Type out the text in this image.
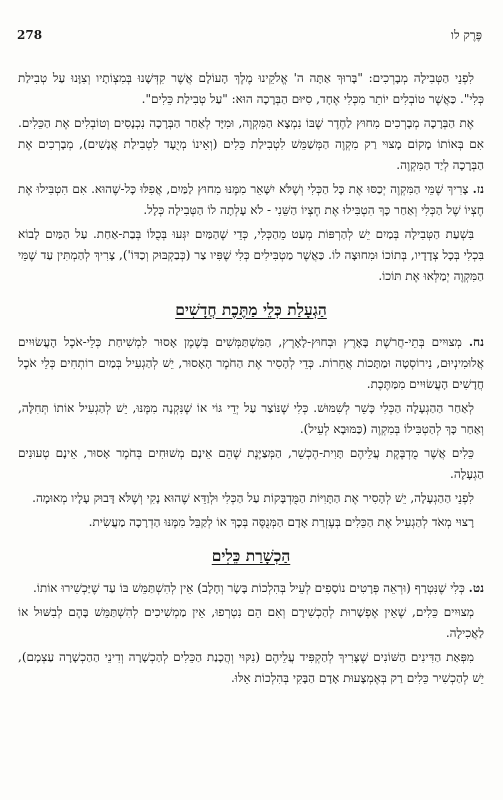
278	פֶּרֶק לו

לִפְנֵי הַטְּבִילָה מְבָרְכִים: "בָּרוּךְ אַתָּה ה' אֱלֹקֵינוּ מֶלֶךְ הָעוֹלָם אֲשֶׁר קִדְּשָׁנוּ בְּמִצְוֹתָיו וְצִוָּנוּ עַל טְבִילַת כְּלִי". כַּאֲשֶׁר טוֹבְלִים יוֹתֵר מִכְּלִי אֶחָד, סִיּוּם הַבְּרָכָה הוּא: "עַל טְבִילַת כֵּלִים".

אֶת הַבְּרָכָה מְבָרְכִים מִחוּץ לַחֶדֶר שֶׁבּוֹ נִמְצָא הַמִּקְוֶה, וּמִיָּד לְאַחַר הַבְּרָכָה נִכְנָסִים וְטוֹבְלִים אֶת הַכֵּלִים. אִם בְּאוֹתוֹ מָקוֹם מָצוּי רַק מִקְוֶה הַמְּשַׁמֵּשׁ לִטְבִילַת כֵּלִים (וְאֵינוֹ מְיֻעָד לִטְבִילַת אֲנָשִׁים), מְבָרְכִים אֶת הַבְּרָכָה לְיַד הַמִּקְוֶה.

נז. צָרִיךְ שֶׁמֵּי הַמִּקְוֶה יְכַסּוּ אֶת כָּל הַכְּלִי וְשֶׁלֹּא יִשָּׁאֵר מִמֶּנּוּ מִחוּץ לַמַּיִם, אֲפִלּוּ כָּל-שֶׁהוּא. אִם הִטְבִּילוּ אֶת חֶצְיוֹ שֶׁל הַכְּלִי וְאַחַר כָּךְ הִטְבִּילוּ אֶת חֶצְיוֹ הַשֵּׁנִי - לֹא עָלְתָה לוֹ הַטְּבִילָה כְּלָל.

בִּשְׁעַת הַטְּבִילָה בְּמַיִם יֵשׁ לְהַרְפּוֹת מְעַט מֵהַכְּלִי, כְּדֵי שֶׁהַמַּיִם יִגְּעוּ בְּכֻלּוֹ בְּבַת-אַחַת. עַל הַמַּיִם לָבוֹא בִּכְלִי בְּכָל צְדָדָיו, בְּתוֹכוֹ וּמִחוּצָה לוֹ. כַּאֲשֶׁר מַטְבִּילִים כְּלִי שֶׁפִּיו צַר (כְּבַקְבּוּק וְכַדּוֹ'), צָרִיךְ לְהַמְתִּין עַד שֶׁמֵּי הַמִּקְוֶה יְמַלְּאוּ אֶת תּוֹכוֹ.

הַגְעָלַת כְּלֵי מַתֶּכֶת חֲדָשִׁים

נח. מְצוּיִים בְּתֵי-חֲרֹשֶׁת בָּאָרֶץ וּבְחוּץ-לָאָרֶץ, הַמִּשְׁתַּמְּשִׁים בְּשֶׁמֶן אָסוּר לִמְשִׁיחַת כְּלֵי-אֹכֶל הָעֲשׂוּיִים אֲלוּמִינְיוּם, נִירוֹסְטָה וּמַתָּכוֹת אֲחֵרוֹת. כְּדֵי לְהָסִיר אֶת הַחֹמֶר הָאָסוּר, יֵשׁ לְהַגְעִיל בְּמַיִם רוֹתְחִים כְּלֵי אֹכֶל חֲדָשִׁים הָעֲשׂוּיִים מִמַּתֶּכֶת.

לְאַחַר הַהַגְעָלָה הַכְּלִי כָּשֵׁר לְשִׁמּוּשׁ. כְּלִי שֶׁנּוֹצַר עַל יְדֵי גּוֹי אוֹ שֶׁנִּקְנָה מִמֶּנּוּ, יֵשׁ לְהַגְעִיל אוֹתוֹ תְּחִלָּה, וְאַחַר כָּךְ לְהַטְבִּילוֹ בְּמִקְוֶה (כַּמּוּבָא לְעֵיל).

כֵּלִים אֲשֶׁר מֻדְבֶּקֶת עֲלֵיהֶם תָּוִית-הֶכְשֵׁר, הַמְּצַיֶּנֶת שֶׁהֵם אֵינָם מְשׁוּחִים בְּחֹמֶר אָסוּר, אֵינָם טְעוּנִים הַגְעָלָה.

לִפְנֵי הַהַגְעָלָה, יֵשׁ לְהָסִיר אֶת הַתָּוִיּוֹת הַמֻּדְבָּקוֹת עַל הַכְּלִי וּלְוַדֵּא שֶׁהוּא נָקִי וְשֶׁלֹּא דָּבוּק עָלָיו מְאוּמָה.

רָצוּי מְאֹד לְהַגְעִיל אֶת הַכֵּלִים בְּעֶזְרַת אָדָם הַמְּנֻסֶּה בְּכָךְ אוֹ לְקַבֵּל מִמֶּנּוּ הַדְרָכָה מַעֲשִׂית.

הַכְשָׁרַת כֵּלִים

נט. כְּלִי שֶׁנִּטְרַף (וּרְאֵה פְּרָטִים נוֹסָפִים לְעֵיל בְּהִלְכוֹת בָּשָׂר וְחָלָב) אֵין לְהִשְׁתַּמֵּשׁ בּוֹ עַד שֶׁיַּכְשִׁירוּ אוֹתוֹ.

מְצוּיִים כֵּלִים, שֶׁאֵין אֶפְשָׁרוּת לְהַכְשִׁירָם וְאִם הֵם נִטְרְפוּ, אֵין מַמְשִׁיכִים לְהִשְׁתַּמֵּשׁ בָּהֶם לְבִשּׁוּל אוֹ לַאֲכִילָה.

מִפְּאַת הַדִּינִים הַשּׁוֹנִים שֶׁצָּרִיךְ לְהַקְפִּיד עֲלֵיהֶם (נִקּוּי וְהֲכָנַת הַכֵּלִים לְהַכְשָׁרָה וְדִינֵי הַהַכְשָׁרָה עַצְמָם), יֵשׁ לְהַכְשִׁיר כֵּלִים רַק בְּאֶמְצָעוּת אָדָם הַבָּקִי בְּהִלְכוֹת אֵלּוּ.
